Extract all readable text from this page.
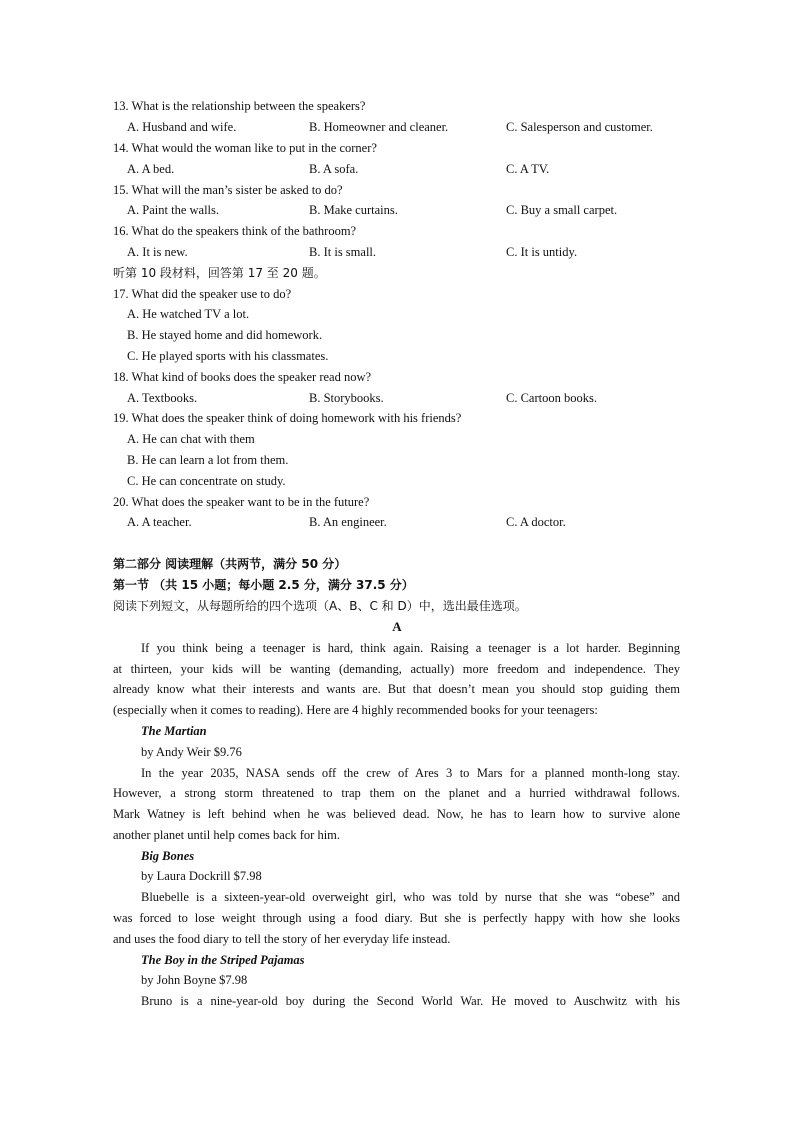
13. What is the relationship between the speakers?
A. Husband and wife.	B. Homeowner and cleaner.	C. Salesperson and customer.
14. What would the woman like to put in the corner?
A. A bed.	B. A sofa.	C. A TV.
15. What will the man’s sister be asked to do?
A. Paint the walls.	B. Make curtains.	C. Buy a small carpet.
16. What do the speakers think of the bathroom?
A. It is new.	B. It is small.	C. It is untidy.
听第 10 段材料，回答第 17 至 20 题。
17. What did the speaker use to do?
A. He watched TV a lot.
B. He stayed home and did homework.
C. He played sports with his classmates.
18. What kind of books does the speaker read now?
A. Textbooks.	B. Storybooks.	C. Cartoon books.
19. What does the speaker think of doing homework with his friends?
A. He can chat with them
B. He can learn a lot from them.
C. He can concentrate on study.
20. What does the speaker want to be in the future?
A. A teacher.	B. An engineer.	C. A doctor.
第二部分 阅读理解（共两节，满分 50 分）
第一节 （共 15 小题；每小题 2.5 分，满分 37.5 分）
阅读下列短文，从每题所给的四个选项（A、B、C 和 D）中，选出最佳选项。
A
If you think being a teenager is hard, think again. Raising a teenager is a lot harder. Beginning
at thirteen, your kids will be wanting (demanding, actually) more freedom and independence. They
already know what their interests and wants are. But that doesn’t mean you should stop guiding them
(especially when it comes to reading). Here are 4 highly recommended books for your teenagers:
The Martian
by Andy Weir $9.76
In the year 2035, NASA sends off the crew of Ares 3 to Mars for a planned month-long stay.
However, a strong storm threatened to trap them on the planet and a hurried withdrawal follows.
Mark Watney is left behind when he was believed dead. Now, he has to learn how to survive alone
another planet until help comes back for him.
Big Bones
by Laura Dockrill $7.98
Bluebelle is a sixteen-year-old overweight girl, who was told by nurse that she was “obese” and
was forced to lose weight through using a food diary. But she is perfectly happy with how she looks
and uses the food diary to tell the story of her everyday life instead.
The Boy in the Striped Pajamas
by John Boyne $7.98
Bruno is a nine-year-old boy during the Second World War. He moved to Auschwitz with his
